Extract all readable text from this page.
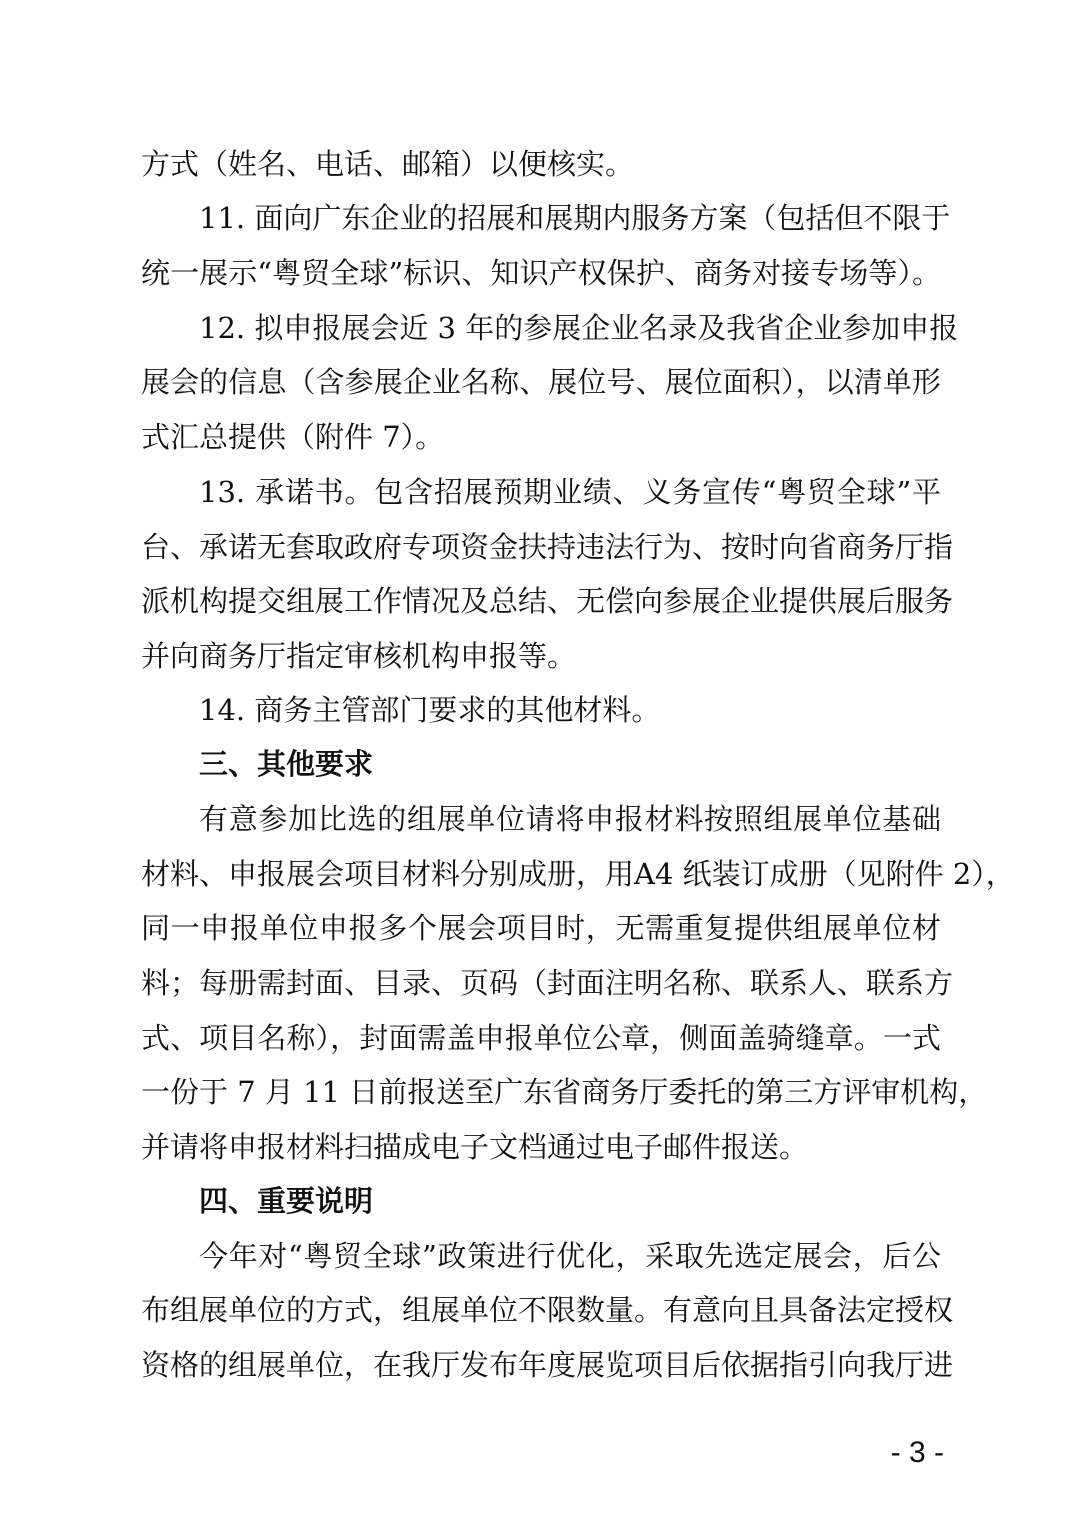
方式（姓名、电话、邮箱）以便核实。
11. 面向广东企业的招展和展期内服务方案（包括但不限于
统一展示“粤贸全球”标识、知识产权保护、商务对接专场等）。
12. 拟申报展会近 3 年的参展企业名录及我省企业参加申报
展会的信息（含参展企业名称、展位号、展位面积），以清单形
式汇总提供（附件 7）。
13. 承诺书。包含招展预期业绩、义务宣传“粤贸全球”平
台、承诺无套取政府专项资金扶持违法行为、按时向省商务厅指
派机构提交组展工作情况及总结、无偿向参展企业提供展后服务
并向商务厅指定审核机构申报等。
14. 商务主管部门要求的其他材料。
三、其他要求
有意参加比选的组展单位请将申报材料按照组展单位基础
材料、申报展会项目材料分别成册，用A4 纸装订成册（见附件 2），
同一申报单位申报多个展会项目时，无需重复提供组展单位材
料；每册需封面、目录、页码（封面注明名称、联系人、联系方
式、项目名称），封面需盖申报单位公章，侧面盖骑缝章。一式
一份于 7 月 11 日前报送至广东省商务厅委托的第三方评审机构，
并请将申报材料扫描成电子文档通过电子邮件报送。
四、重要说明
今年对“粤贸全球”政策进行优化，采取先选定展会，后公
布组展单位的方式，组展单位不限数量。有意向且具备法定授权
资格的组展单位，在我厅发布年度展览项目后依据指引向我厅进
- 3 -
